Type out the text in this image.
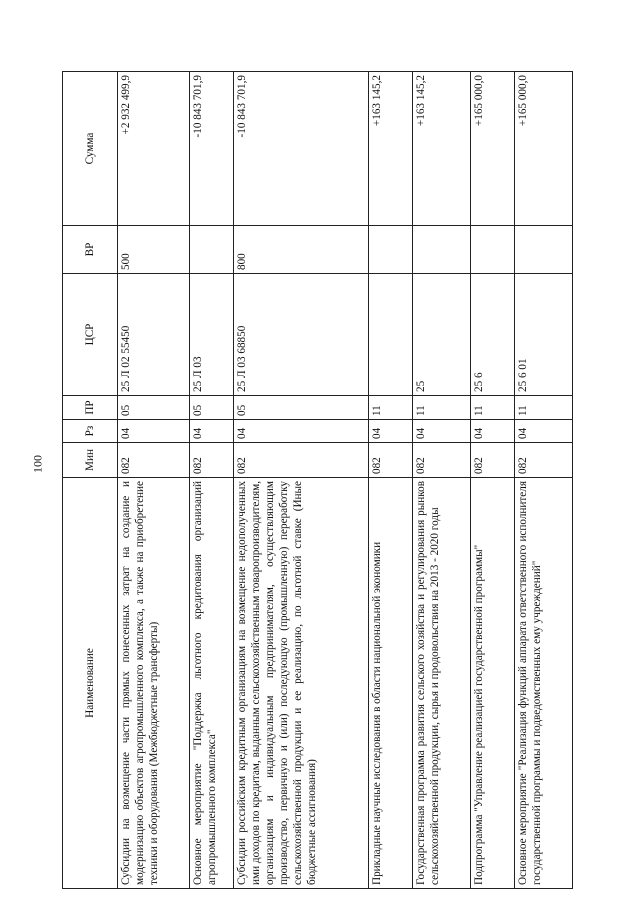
100
Наименование	Мин	Рз	ПР	ЦСР	ВР	Сумма
Субсидии на возмещение части прямых понесенных затрат на создание и модернизацию объектов агропромышленного комплекса, а также на приобретение техники и оборудования (Межбюджетные трансферты)	082	04	05	25 Л 02 55450	500	+2 932 499,9
Основное мероприятие "Поддержка льготного кредитования организаций агропромышленного комплекса"	082	04	05	25 Л 03		-10 843 701,9
Субсидии российским кредитным организациям на возмещение недополученных ими доходов по кредитам, выданным сельскохозяйственным товаропроизводителям, организациям и индивидуальным предпринимателям, осуществляющим производство, первичную и (или) последующую (промышленную) переработку сельскохозяйственной продукции и ее реализацию, по льготной ставке (Иные бюджетные ассигнования)	082	04	05	25 Л 03 68850	800	-10 843 701,9
Прикладные научные исследования в области национальной экономики	082	04	11			+163 145,2
Государственная программа развития сельского хозяйства и регулирования рынков сельскохозяйственной продукции, сырья и продовольствия на 2013 - 2020 годы	082	04	11	25		+163 145,2
Подпрограмма "Управление реализацией государственной программы"	082	04	11	25 6		+165 000,0
Основное мероприятие "Реализация функций аппарата ответственного исполнителя государственной программы и подведомственных ему учреждений"	082	04	11	25 6 01		+165 000,0
